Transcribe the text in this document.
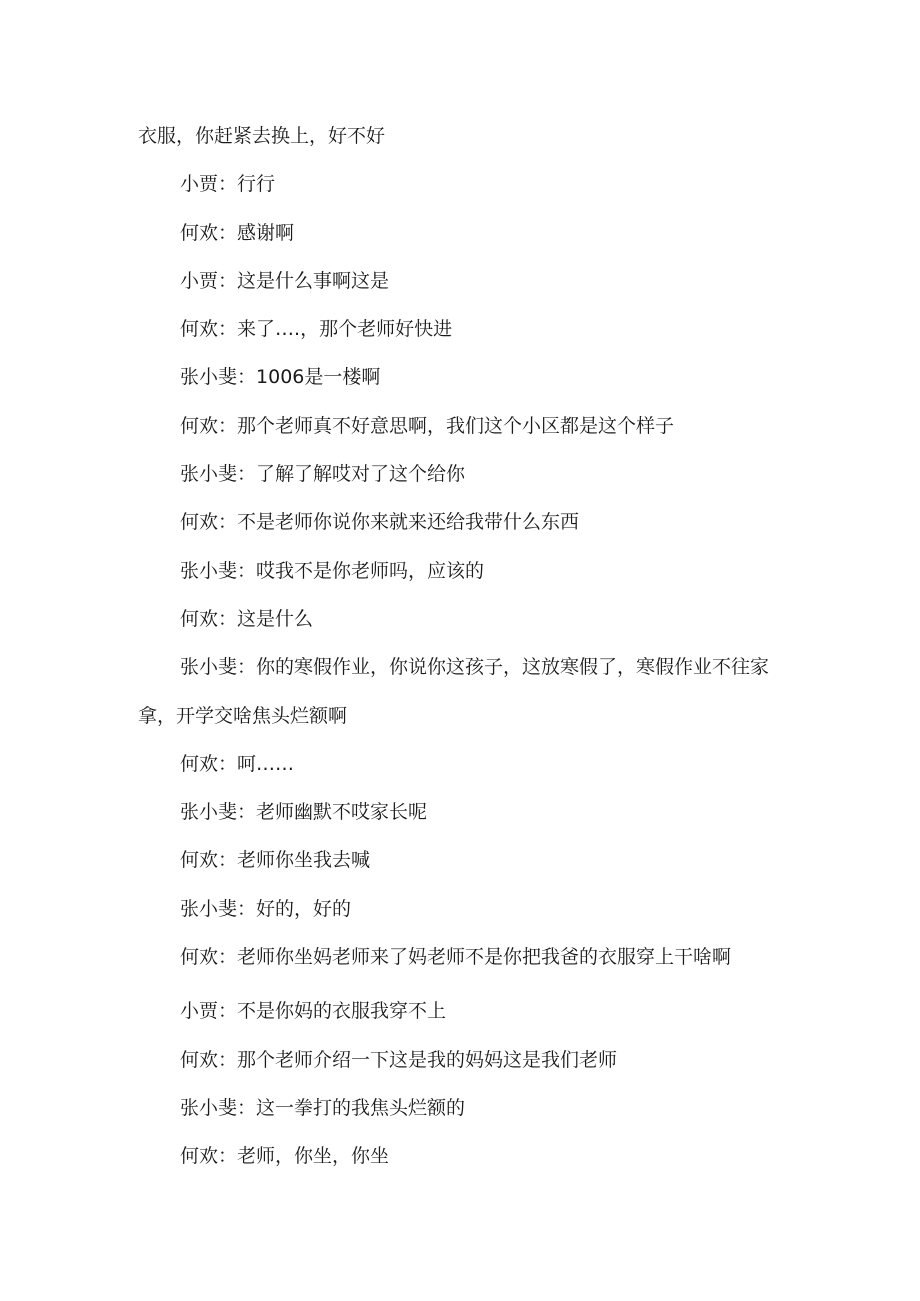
衣服，你赶紧去换上，好不好

小贾：行行

何欢：感谢啊

小贾：这是什么事啊这是

何欢：来了….，那个老师好快进

张小斐：1006是一楼啊

何欢：那个老师真不好意思啊，我们这个小区都是这个样子

张小斐：了解了解哎对了这个给你

何欢：不是老师你说你来就来还给我带什么东西

张小斐：哎我不是你老师吗，应该的

何欢：这是什么

张小斐：你的寒假作业，你说你这孩子，这放寒假了，寒假作业不往家拿，开学交啥焦头烂额啊

何欢：呵……

张小斐：老师幽默不哎家长呢

何欢：老师你坐我去喊

张小斐：好的，好的

何欢：老师你坐妈老师来了妈老师不是你把我爸的衣服穿上干啥啊

小贾：不是你妈的衣服我穿不上

何欢：那个老师介绍一下这是我的妈妈这是我们老师

张小斐：这一拳打的我焦头烂额的

何欢：老师，你坐，你坐
